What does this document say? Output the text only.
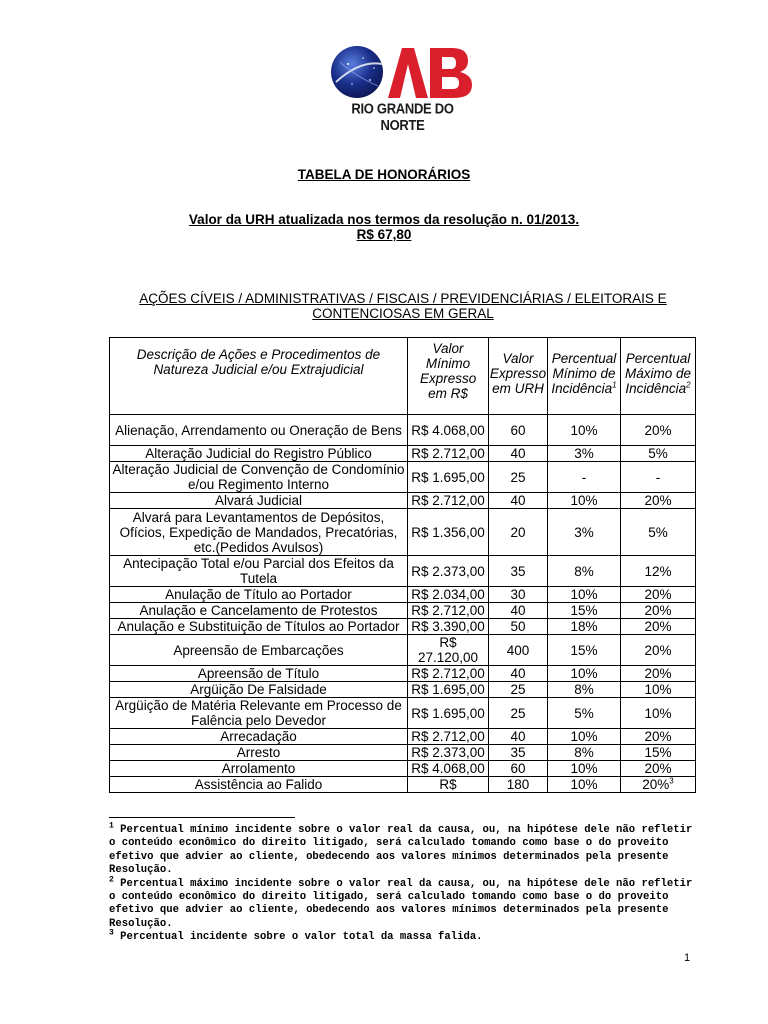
RIO GRANDE DO NORTE
TABELA DE HONORÁRIOS
Valor da URH atualizada nos termos da resolução n. 01/2013.
R$ 67,80
AÇÕES CÍVEIS / ADMINISTRATIVAS / FISCAIS / PREVIDENCIÁRIAS / ELEITORAIS E CONTENCIOSAS EM GERAL
Descrição de Ações e Procedimentos de Natureza Judicial e/ou Extrajudicial	Valor Mínimo Expresso em R$	Valor Expresso em URH	Percentual Mínimo de Incidência$^1$	Percentual Máximo de Incidência$^2$

Alienação, Arrendamento ou Oneração de Bens	R$ 4.068,00	60	10%	20%
Alteração Judicial do Registro Público	R$ 2.712,00	40	3%	5%
Alteração Judicial de Convenção de Condomínio e/ou Regimento Interno	R$ 1.695,00	25	-	-
Alvará Judicial	R$ 2.712,00	40	10%	20%
Alvará para Levantamentos de Depósitos, Ofícios, Expedição de Mandados, Precatórias, etc.(Pedidos Avulsos)	R$ 1.356,00	20	3%	5%
Antecipação Total e/ou Parcial dos Efeitos da Tutela	R$ 2.373,00	35	8%	12%
Anulação de Título ao Portador	R$ 2.034,00	30	10%	20%
Anulação e Cancelamento de Protestos	R$ 2.712,00	40	15%	20%
Anulação e Substituição de Títulos ao Portador	R$ 3.390,00	50	18%	20%
Apreensão de Embarcações	R$ 27.120,00	400	15%	20%
Apreensão de Título	R$ 2.712,00	40	10%	20%
Argüição De Falsidade	R$ 1.695,00	25	8%	10%
Argüição de Matéria Relevante em Processo de Falência pelo Devedor	R$ 1.695,00	25	5%	10%
Arrecadação	R$ 2.712,00	40	10%	20%
Arresto	R$ 2.373,00	35	8%	15%
Arrolamento	R$ 4.068,00	60	10%	20%
Assistência ao Falido	R$	180	10%	20%$^3$

$^1$ Percentual mínimo incidente sobre o valor real da causa, ou, na hipótese dele não refletir o conteúdo econômico do direito litigado, será calculado tomando como base o do proveito efetivo que advier ao cliente, obedecendo aos valores mínimos determinados pela presente Resolução.

$^2$ Percentual máximo incidente sobre o valor real da causa, ou, na hipótese dele não refletir o conteúdo econômico do direito litigado, será calculado tomando como base o do proveito efetivo que advier ao cliente, obedecendo aos valores mínimos determinados pela presente Resolução.

$^3$ Percentual incidente sobre o valor total da massa falida.

1
